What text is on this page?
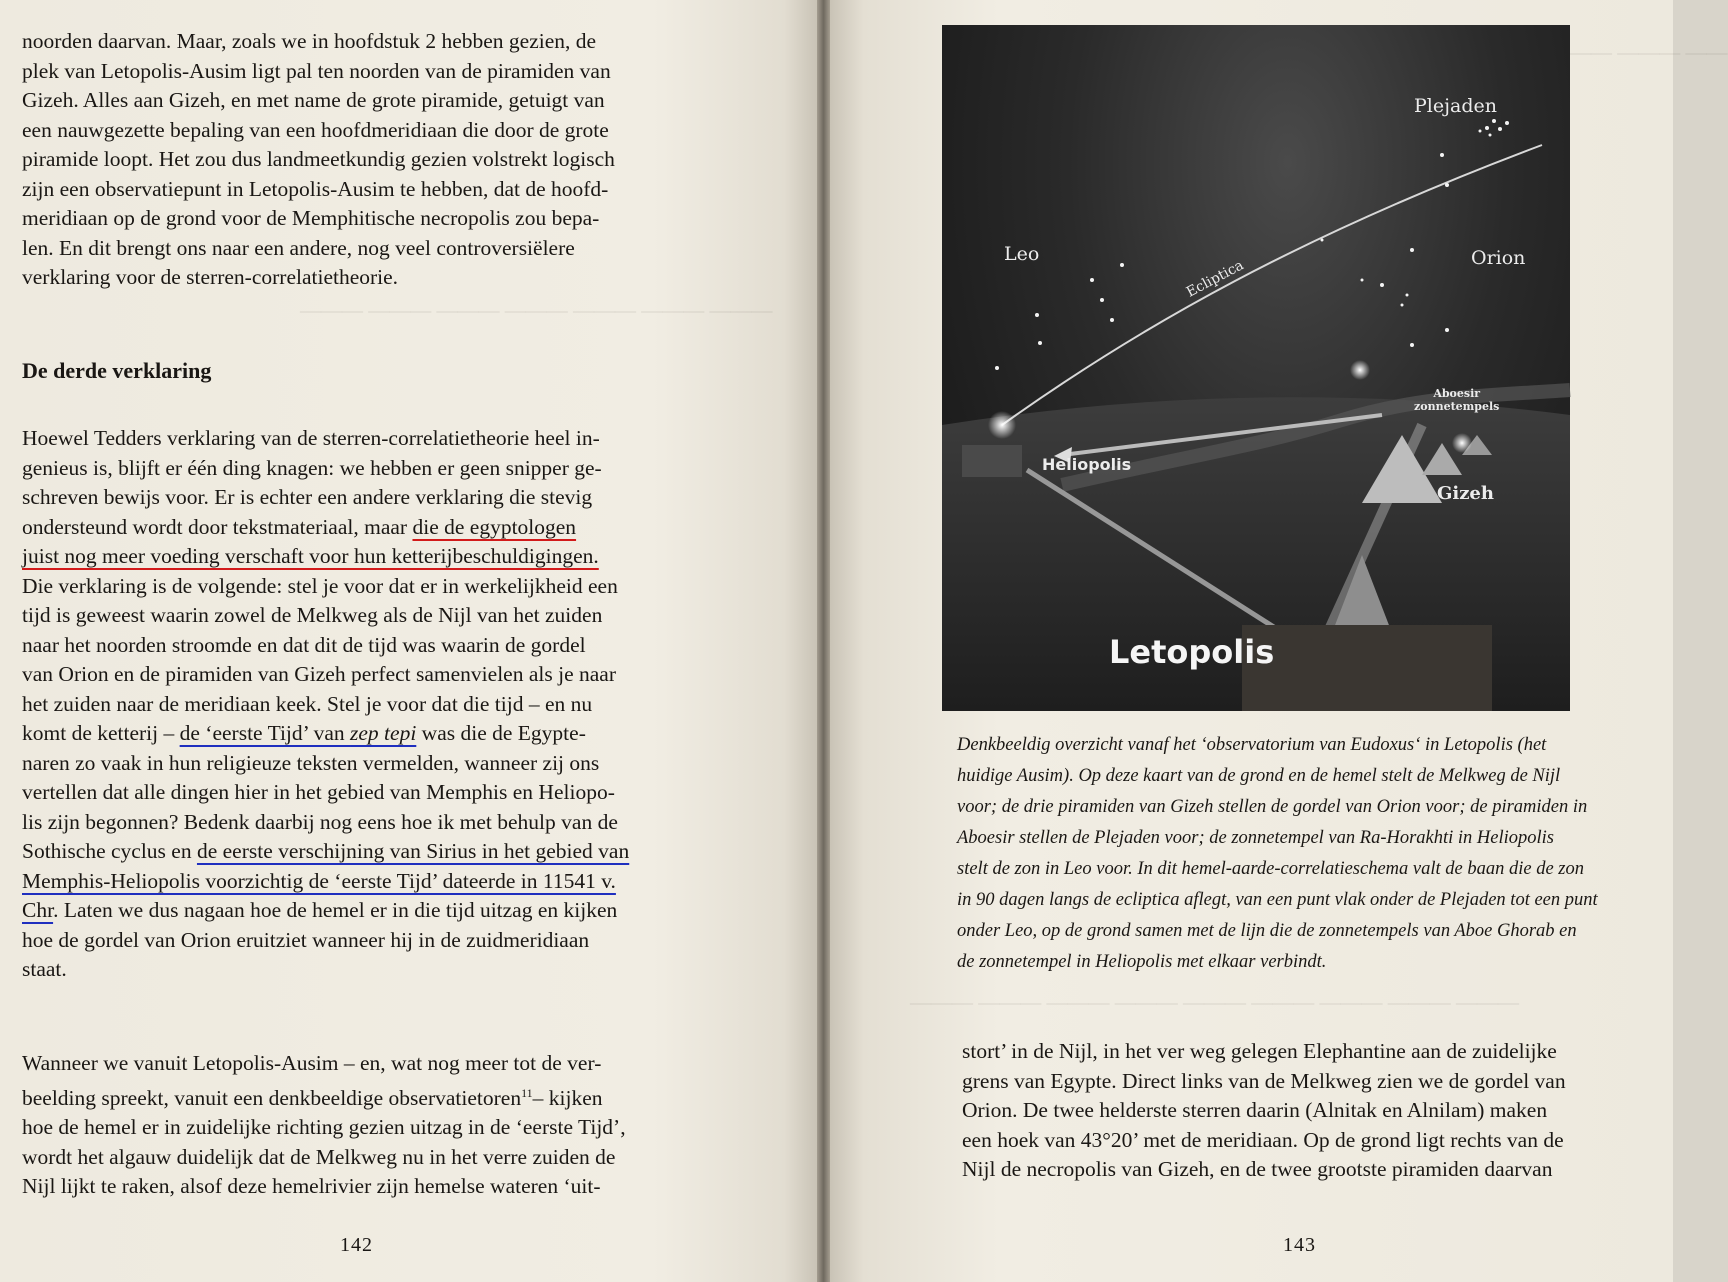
——— ——— ——— ——— ——— ——— ———

noorden daarvan. Maar, zoals we in hoofdstuk 2 hebben gezien, de

plek van Letopolis-Ausim ligt pal ten noorden van de piramiden van

Gizeh. Alles aan Gizeh, en met name de grote piramide, getuigt van

een nauwgezette bepaling van een hoofdmeridiaan die door de grote

piramide loopt. Het zou dus landmeetkundig gezien volstrekt logisch

zijn een observatiepunt in Letopolis-Ausim te hebben, dat de hoofd-

meridiaan op de grond voor de Memphitische necropolis zou bepa-

len. En dit brengt ons naar een andere, nog veel controversiëlere

verklaring voor de sterren-correlatietheorie.

De derde verklaring

Hoewel Tedders verklaring van de sterren-correlatietheorie heel in-

genieus is, blijft er één ding knagen: we hebben er geen snipper ge-

schreven bewijs voor. Er is echter een andere verklaring die stevig

ondersteund wordt door tekstmateriaal, maar die de egyptologen

juist nog meer voeding verschaft voor hun ketterijbeschuldigingen.

Die verklaring is de volgende: stel je voor dat er in werkelijkheid een

tijd is geweest waarin zowel de Melkweg als de Nijl van het zuiden

naar het noorden stroomde en dat dit de tijd was waarin de gordel

van Orion en de piramiden van Gizeh perfect samenvielen als je naar

het zuiden naar de meridiaan keek. Stel je voor dat die tijd – en nu

komt de ketterij – de ‘eerste Tijd’ van zep tepi was die de Egypte-

naren zo vaak in hun religieuze teksten vermelden, wanneer zij ons

vertellen dat alle dingen hier in het gebied van Memphis en Heliopo-

lis zijn begonnen? Bedenk daarbij nog eens hoe ik met behulp van de

Sothische cyclus en de eerste verschijning van Sirius in het gebied van

Memphis-Heliopolis voorzichtig de ‘eerste Tijd’ dateerde in 11541 v.

Chr. Laten we dus nagaan hoe de hemel er in die tijd uitzag en kijken

hoe de gordel van Orion eruitziet wanneer hij in de zuidmeridiaan

staat.

Wanneer we vanuit Letopolis-Ausim – en, wat nog meer tot de ver-

beelding spreekt, vanuit een denkbeeldige observatietoren$^{11}$– kijken

hoe de hemel er in zuidelijke richting gezien uitzag in de ‘eerste Tijd’,

wordt het algauw duidelijk dat de Melkweg nu in het verre zuiden de

Nijl lijkt te raken, alsof deze hemelrivier zijn hemelse wateren ‘uit-

142
—— ——— ——
——— ——— ——— ——— ——— ——— ——— ——— ———
Plejaden
Leo	Orion
Ecliptica
Aboesir
zonnetempels
Heliopolis
Gizeh
Letopolis
Denkbeeldig overzicht vanaf het ‘observatorium van Eudoxus‘ in Letopolis (het
huidige Ausim). Op deze kaart van de grond en de hemel stelt de Melkweg de Nijl
voor; de drie piramiden van Gizeh stellen de gordel van Orion voor; de piramiden in
Aboesir stellen de Plejaden voor; de zonnetempel van Ra-Horakhti in Heliopolis
stelt de zon in Leo voor. In dit hemel-aarde-correlatieschema valt de baan die de zon
in 90 dagen langs de ecliptica aflegt, van een punt vlak onder de Plejaden tot een punt
onder Leo, op de grond samen met de lijn die de zonnetempels van Aboe Ghorab en
de zonnetempel in Heliopolis met elkaar verbindt.

stort’ in de Nijl, in het ver weg gelegen Elephantine aan de zuidelijke

grens van Egypte. Direct links van de Melkweg zien we de gordel van

Orion. De twee helderste sterren daarin (Alnitak en Alnilam) maken

een hoek van 43°20’ met de meridiaan. Op de grond ligt rechts van de

Nijl de necropolis van Gizeh, en de twee grootste piramiden daarvan

143
